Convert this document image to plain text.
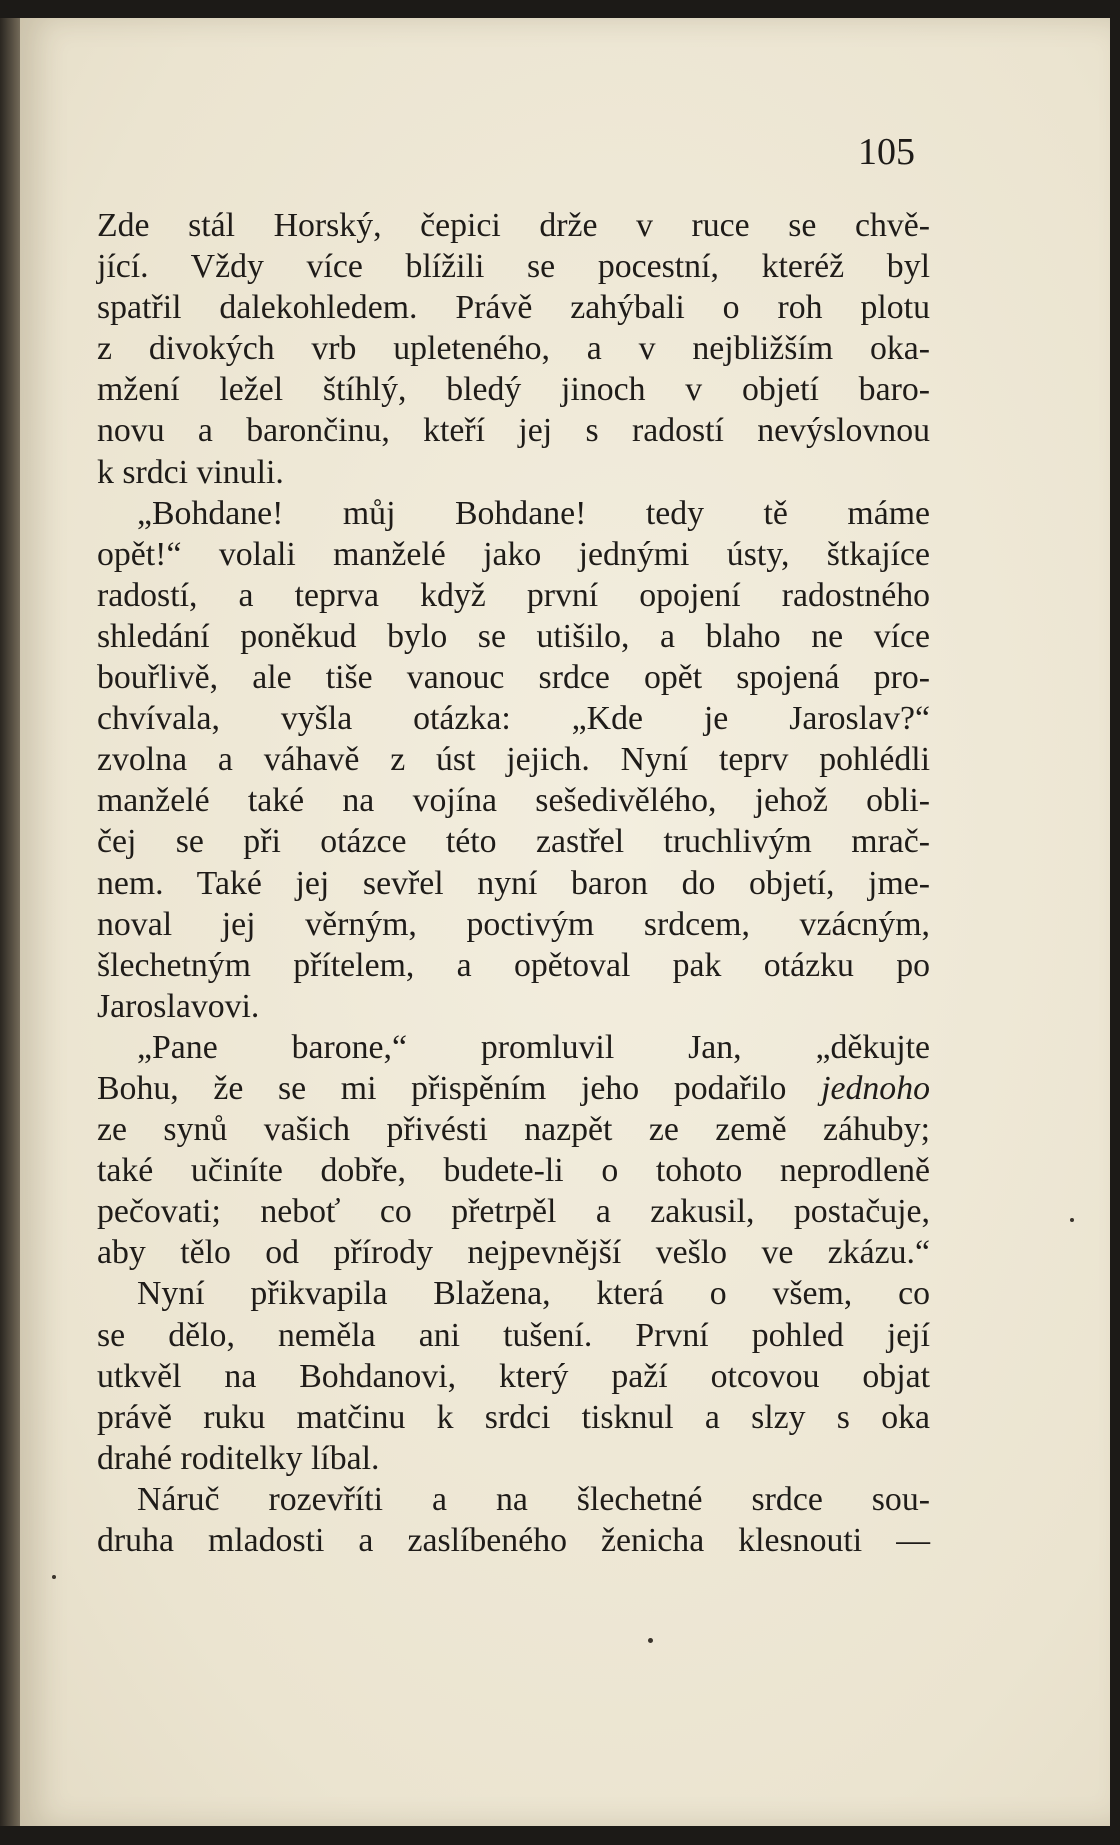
105
Zde stál Horský, čepici drže v ruce se chvě-
jící. Vždy více blížili se pocestní, kteréž byl
spatřil dalekohledem. Právě zahýbali o roh plotu
z divokých vrb upleteného, a v nejbližším oka-
mžení ležel štíhlý, bledý jinoch v objetí baro-
novu a barončinu, kteří jej s radostí nevýslovnou
k srdci vinuli.
„Bohdane! můj Bohdane! tedy tě máme
opět!“ volali manželé jako jednými ústy, štkajíce
radostí, a teprva když první opojení radostného
shledání poněkud bylo se utišilo, a blaho ne více
bouřlivě, ale tiše vanouc srdce opět spojená pro-
chvívala, vyšla otázka: „Kde je Jaroslav?“
zvolna a váhavě z úst jejich. Nyní teprv pohlédli
manželé také na vojína sešedivělého, jehož obli-
čej se při otázce této zastřel truchlivým mrač-
nem. Také jej sevřel nyní baron do objetí, jme-
noval jej věrným, poctivým srdcem, vzácným,
šlechetným přítelem, a opětoval pak otázku po
Jaroslavovi.
„Pane barone,“ promluvil Jan, „děkujte
Bohu, že se mi přispěním jeho podařilo jednoho
ze synů vašich přivésti nazpět ze země záhuby;
také učiníte dobře, budete-li o tohoto neprodleně
pečovati; neboť co přetrpěl a zakusil, postačuje,
aby tělo od přírody nejpevnější vešlo ve zkázu.“
Nyní přikvapila Blažena, která o všem, co
se dělo, neměla ani tušení. První pohled její
utkvěl na Bohdanovi, který paží otcovou objat
právě ruku matčinu k srdci tisknul a slzy s oka
drahé roditelky líbal.
Náruč rozevříti a na šlechetné srdce sou-
druha mladosti a zaslíbeného ženicha klesnouti —
